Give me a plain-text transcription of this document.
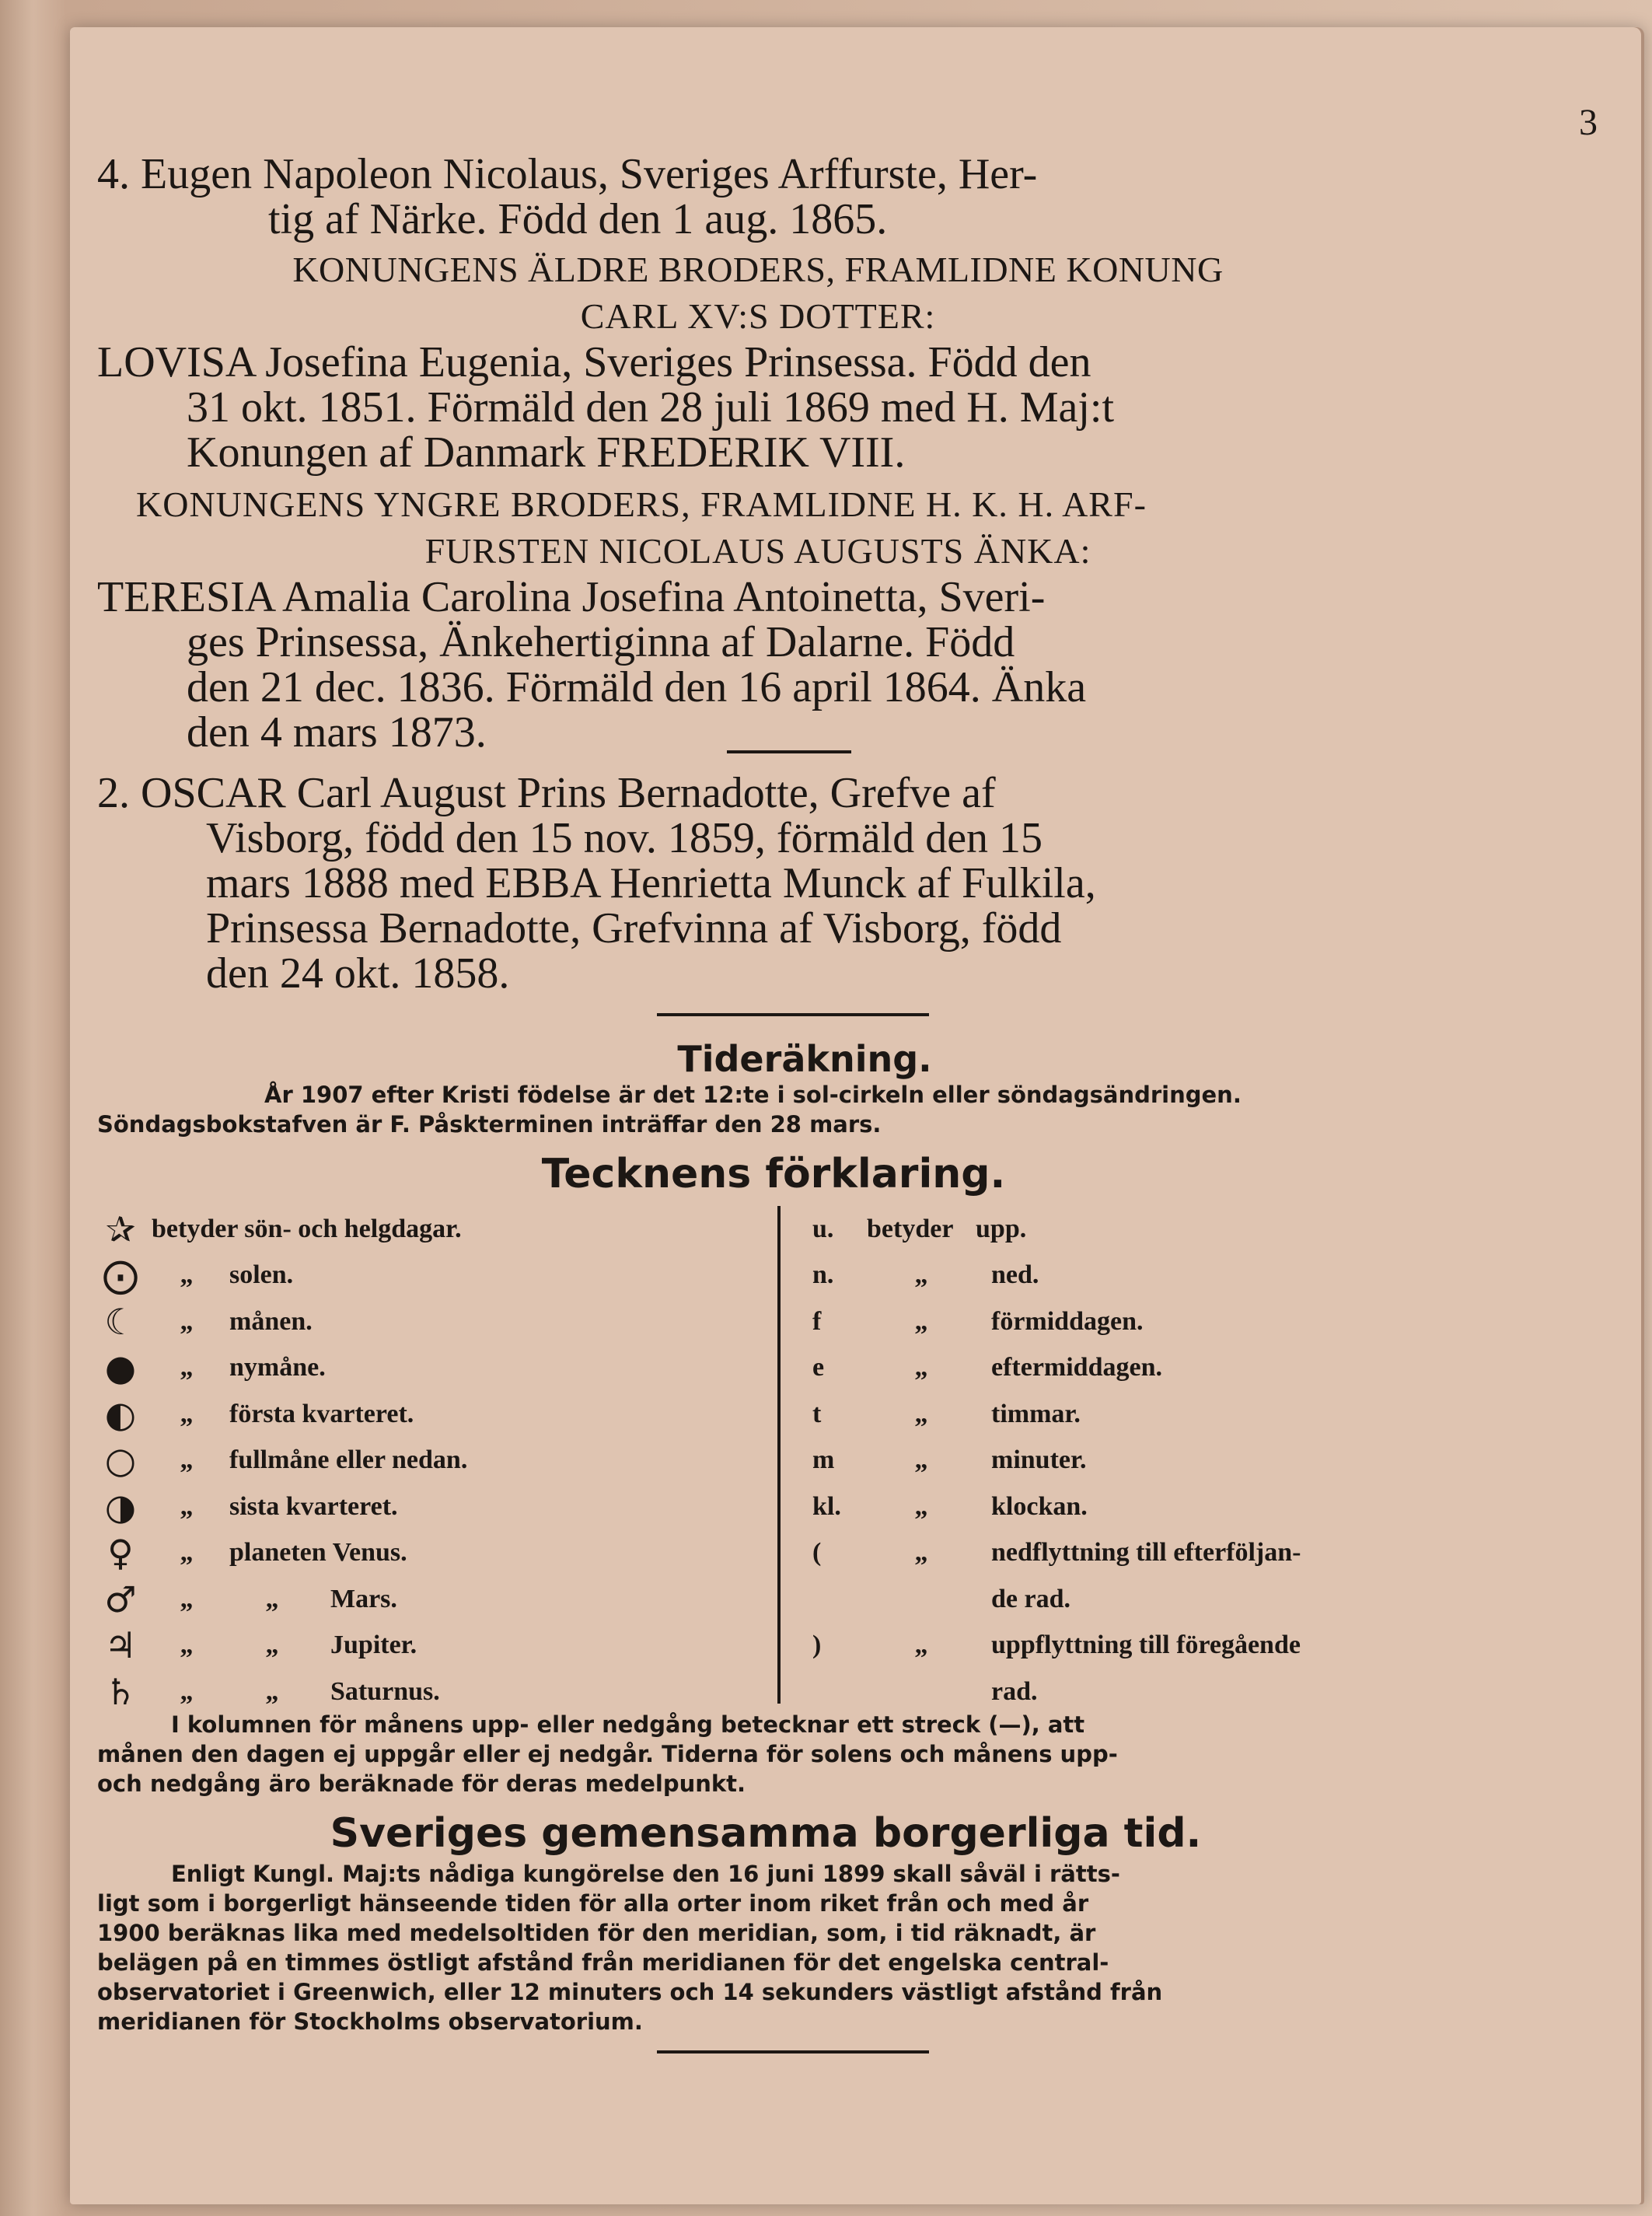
3
4. Eugen Napoleon Nicolaus, Sveriges Arffurste, Her-
tig af Närke. Född den 1 aug. 1865.
KONUNGENS ÄLDRE BRODERS, FRAMLIDNE KONUNG
CARL XV:S DOTTER:
LOVISA Josefina Eugenia, Sveriges Prinsessa. Född den
31 okt. 1851. Förmäld den 28 juli 1869 med H. Maj:t
Konungen af Danmark FREDERIK VIII.
KONUNGENS YNGRE BRODERS, FRAMLIDNE H. K. H. ARF-
FURSTEN NICOLAUS AUGUSTS ÄNKA:
TERESIA Amalia Carolina Josefina Antoinetta, Sveri-
ges Prinsessa, Änkehertiginna af Dalarne. Född
den 21 dec. 1836. Förmäld den 16 april 1864. Änka
den 4 mars 1873.
2. OSCAR Carl August Prins Bernadotte, Grefve af
Visborg, född den 15 nov. 1859, förmäld den 15
mars 1888 med EBBA Henrietta Munck af Fulkila,
Prinsessa Bernadotte, Grefvinna af Visborg, född
den 24 okt. 1858.
Tideräkning.
År 1907 efter Kristi födelse är det 12:te i sol-cirkeln eller söndagsändringen.
Söndagsbokstafven är F. Påskterminen inträffar den 28 mars.
Tecknens förklaring.
✰ betyder sön- och helgdagar.
⨀	„	solen.
☾	„	månen.
●	„	nymåne.
◐	„	första kvarteret.
○	„	fullmåne eller nedan.
◑	„	sista kvarteret.
♀	„	planeten Venus.
♂	„	„	Mars.
♃	„	„	Jupiter.
♄	„	„	Saturnus.
u.	betyder upp.
n.	„	ned.
f	„	förmiddagen.
e	„	eftermiddagen.
t	„	timmar.
m	„	minuter.
kl.	„	klockan.
(	„	nedflyttning till efterföljan-
de rad.
)	„	uppflyttning till föregående
rad.
I kolumnen för månens upp- eller nedgång betecknar ett streck (—), att
månen den dagen ej uppgår eller ej nedgår. Tiderna för solens och månens upp-
och nedgång äro beräknade för deras medelpunkt.
Sveriges gemensamma borgerliga tid.
Enligt Kungl. Maj:ts nådiga kungörelse den 16 juni 1899 skall såväl i rätts-
ligt som i borgerligt hänseende tiden för alla orter inom riket från och med år
1900 beräknas lika med medelsoltiden för den meridian, som, i tid räknadt, är
belägen på en timmes östligt afstånd från meridianen för det engelska central-
observatoriet i Greenwich, eller 12 minuters och 14 sekunders västligt afstånd från
meridianen för Stockholms observatorium.
